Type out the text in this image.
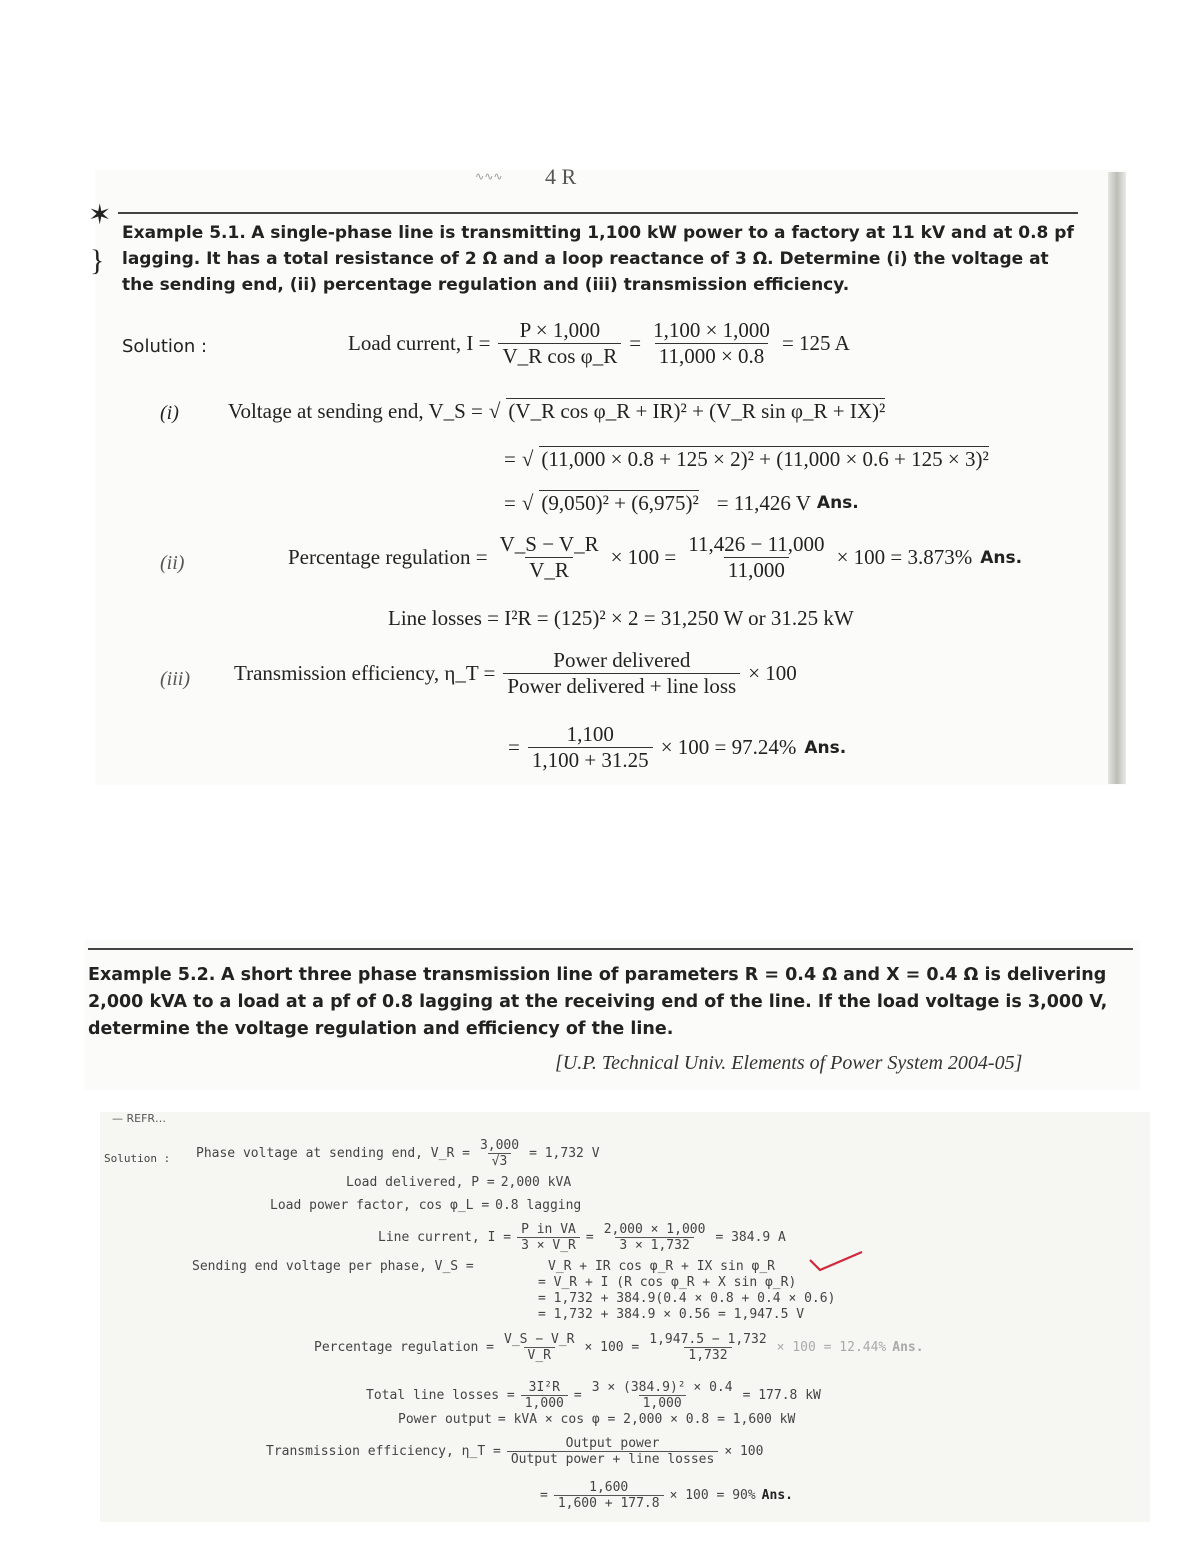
∿∿∿ 4 R
✶
}
Example 5.1. A single-phase line is transmitting 1,100 kW power to a factory at 11 kV and at 0.8 pf lagging. It has a total resistance of 2 Ω and a loop reactance of 3 Ω. Determine (i) the voltage at the sending end, (ii) percentage regulation and (iii) transmission efficiency.
Solution :	Load current, $I = \frac{P \times 1,000}{\text{V\_R cos φ\_R}} = \frac{1,100 \times 1,000}{11,000 \times 0.8} = 125$ A
(i) Voltage at sending end, V_S = √ (V_R cos φ_R + IR)² + (V_R sin φ_R + IX)²
= √ (11,000 × 0.8 + 125 × 2)² + (11,000 × 0.6 + 125 × 3)²
= √ (9,050)² + (6,975)² = 11,426 V Ans.
(ii)	Percentage regulation = $\frac{V\_S - V\_R}{V\_R} \times 100 = \frac{11,426 - 11,000}{11,000} \times 100 = 3.873\%$ Ans.
Line losses = I²R = (125)² × 2 = 31,250 W or 31.25 kW
(iii) Transmission efficiency, η_T = $\frac{\text{Power delivered}}{\text{Power delivered + line loss}} \times 100$
= $\frac{1,100}{1,100 + 31.25} \times 100 = 97.24\%$ Ans.
Example 5.2. A short three phase transmission line of parameters R = 0.4 Ω and X = 0.4 Ω is delivering 2,000 kVA to a load at a pf of 0.8 lagging at the receiving end of the line. If the load voltage is 3,000 V, determine the voltage regulation and efficiency of the line.
[U.P. Technical Univ. Elements of Power System 2004-05]
— REFR…
Solution : Phase voltage at sending end, V_R = $\frac{3,000}{√3} = 1,732$ V
Load delivered, P = 2,000 kVA
Load power factor, cos φ_L = 0.8 lagging
Line current, $I = \frac{\text{P in VA}}{3 \times V\_R} = \frac{2,000 \times 1,000}{3 \times 1,732} = 384.9$ A
Sending end voltage per phase, V_S =	V_R + IR cos φ_R + IX sin φ_R
= V_R + I (R cos φ_R + X sin φ_R)
= 1,732 + 384.9(0.4 × 0.8 + 0.4 × 0.6)
= 1,732 + 384.9 × 0.56 = 1,947.5 V
Percentage regulation = $\frac{V\_S - V\_R}{V\_R} \times 100 = \frac{1,947.5 - 1,732}{1,732} \times 100 = 12.44\%$ Ans.
Total line losses = $\frac{\text{3I²R}}{1,000} = \frac{\text{3 × (384.9)² × 0.4}}{1,000} = 177.8$ kW
Power output = kVA × cos φ = 2,000 × 0.8 = 1,600 kW
Transmission efficiency, η_T = $\frac{\text{Output power}}{\text{Output power + line losses}} \times 100$
= $\frac{1,600}{1,600 + 177.8} \times 100 = 90\%$ Ans.
